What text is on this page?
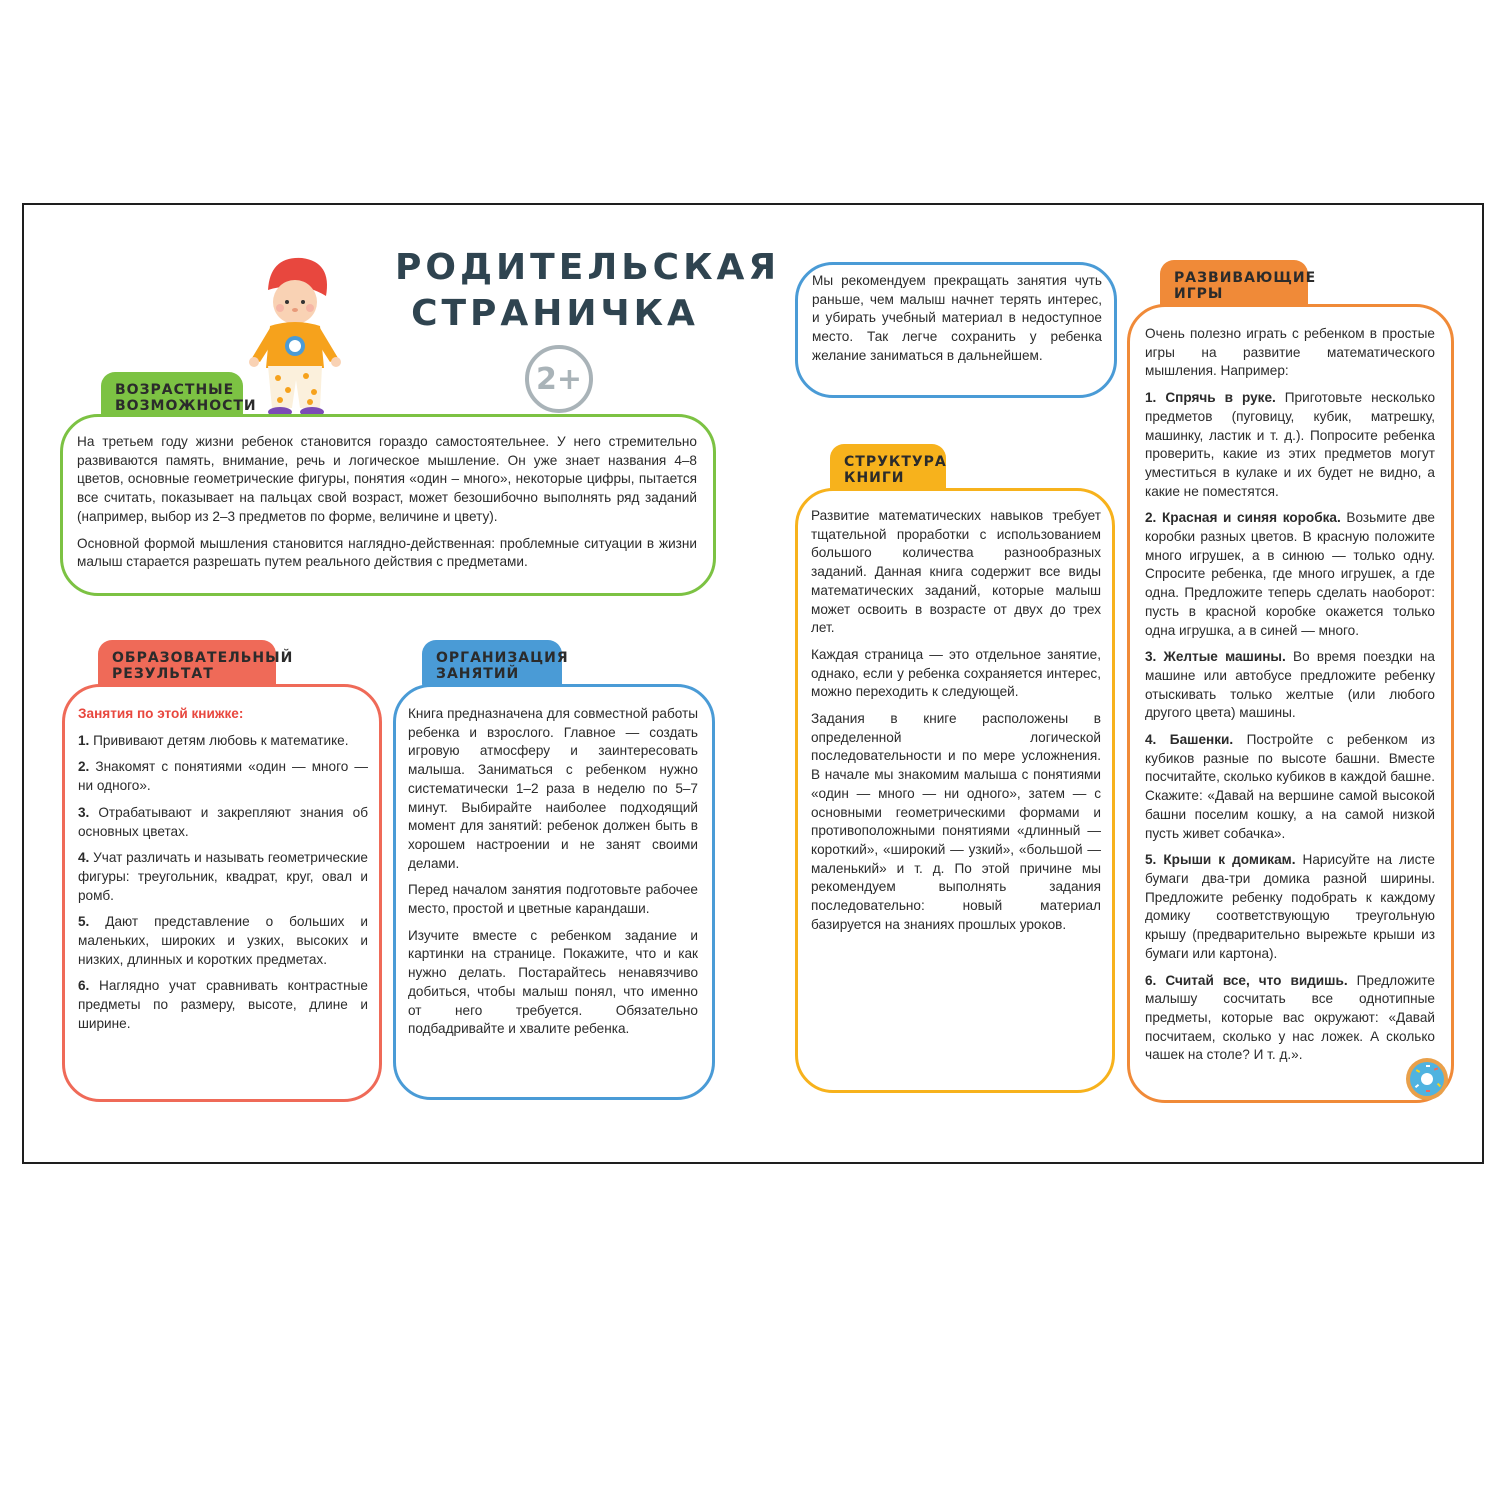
РОДИТЕЛЬСКАЯ
СТРАНИЧКА
2+
ВОЗРАСТНЫЕ
ВОЗМОЖНОСТИ

На третьем году жизни ребенок становится гораздо самостоятельнее. У него стремительно развиваются память, внимание, речь и логическое мышление. Он уже знает названия 4–8 цветов, основные геометрические фигуры, понятия «один – много», некоторые цифры, пытается все считать, показывает на пальцах свой возраст, может безошибочно выполнять ряд заданий (например, выбор из 2–3 предметов по форме, величине и цвету).

Основной формой мышления становится наглядно-действенная: проблемные ситуации в жизни малыш старается разрешать путем реального действия с предметами.

ОБРАЗОВАТЕЛЬНЫЙ
РЕЗУЛЬТАТ

Занятия по этой книжке:

1. Прививают детям любовь к математике.

2. Знакомят с понятиями «один — много — ни одного».

3. Отрабатывают и закрепляют знания об основных цветах.

4. Учат различать и называть геометрические фигуры: треугольник, квадрат, круг, овал и ромб.

5. Дают представление о больших и маленьких, широких и узких, высоких и низких, длинных и коротких предметах.

6. Наглядно учат сравнивать контрастные предметы по размеру, высоте, длине и ширине.

ОРГАНИЗАЦИЯ
ЗАНЯТИЙ

Книга предназначена для совместной работы ребенка и взрослого. Главное — создать игровую атмосферу и заинтересовать малыша. Заниматься с ребенком нужно систематически 1–2 раза в неделю по 5–7 минут. Выбирайте наиболее подходящий момент для занятий: ребенок должен быть в хорошем настроении и не занят своими делами.

Перед началом занятия подготовьте рабочее место, простой и цветные карандаши.

Изучите вместе с ребенком задание и картинки на странице. Покажите, что и как нужно делать. Постарайтесь ненавязчиво добиться, чтобы малыш понял, что именно от него требуется. Обязательно подбадривайте и хвалите ребенка.

Мы рекомендуем прекращать занятия чуть раньше, чем малыш начнет терять интерес, и убирать учебный материал в недоступное место. Так легче сохранить у ребенка желание заниматься в дальнейшем.

СТРУКТУРА
КНИГИ

Развитие математических навыков требует тщательной проработки с использованием большого количества разнообразных заданий. Данная книга содержит все виды математических заданий, которые малыш может освоить в возрасте от двух до трех лет.

Каждая страница — это отдельное занятие, однако, если у ребенка сохраняется интерес, можно переходить к следующей.

Задания в книге расположены в определенной логической последовательности и по мере усложнения. В начале мы знакомим малыша с понятиями «один — много — ни одного», затем — с основными геометрическими формами и противоположными понятиями «длинный — короткий», «широкий — узкий», «большой — маленький» и т. д. По этой причине мы рекомендуем выполнять задания последовательно: новый материал базируется на знаниях прошлых уроков.

РАЗВИВАЮЩИЕ
ИГРЫ

Очень полезно играть с ребенком в простые игры на развитие математического мышления. Например:

1. Спрячь в руке. Приготовьте несколько предметов (пуговицу, кубик, матрешку, машинку, ластик и т. д.). Попросите ребенка проверить, какие из этих предметов могут уместиться в кулаке и их будет не видно, а какие не поместятся.

2. Красная и синяя коробка. Возьмите две коробки разных цветов. В красную положите много игрушек, а в синюю — только одну. Спросите ребенка, где много игрушек, а где одна. Предложите теперь сделать наоборот: пусть в красной коробке окажется только одна игрушка, а в синей — много.

3. Желтые машины. Во время поездки на машине или автобусе предложите ребенку отыскивать только желтые (или любого другого цвета) машины.

4. Башенки. Постройте с ребенком из кубиков разные по высоте башни. Вместе посчитайте, сколько кубиков в каждой башне. Скажите: «Давай на вершине самой высокой башни поселим кошку, а на самой низкой пусть живет собачка».

5. Крыши к домикам. Нарисуйте на листе бумаги два-три домика разной ширины. Предложите ребенку подобрать к каждому домику соответствующую треугольную крышу (предварительно вырежьте крыши из бумаги или картона).

6. Считай все, что видишь. Предложите малышу сосчитать все однотипные предметы, которые вас окружают: «Давай посчитаем, сколько у нас ложек. А сколько чашек на столе? И т. д.».
